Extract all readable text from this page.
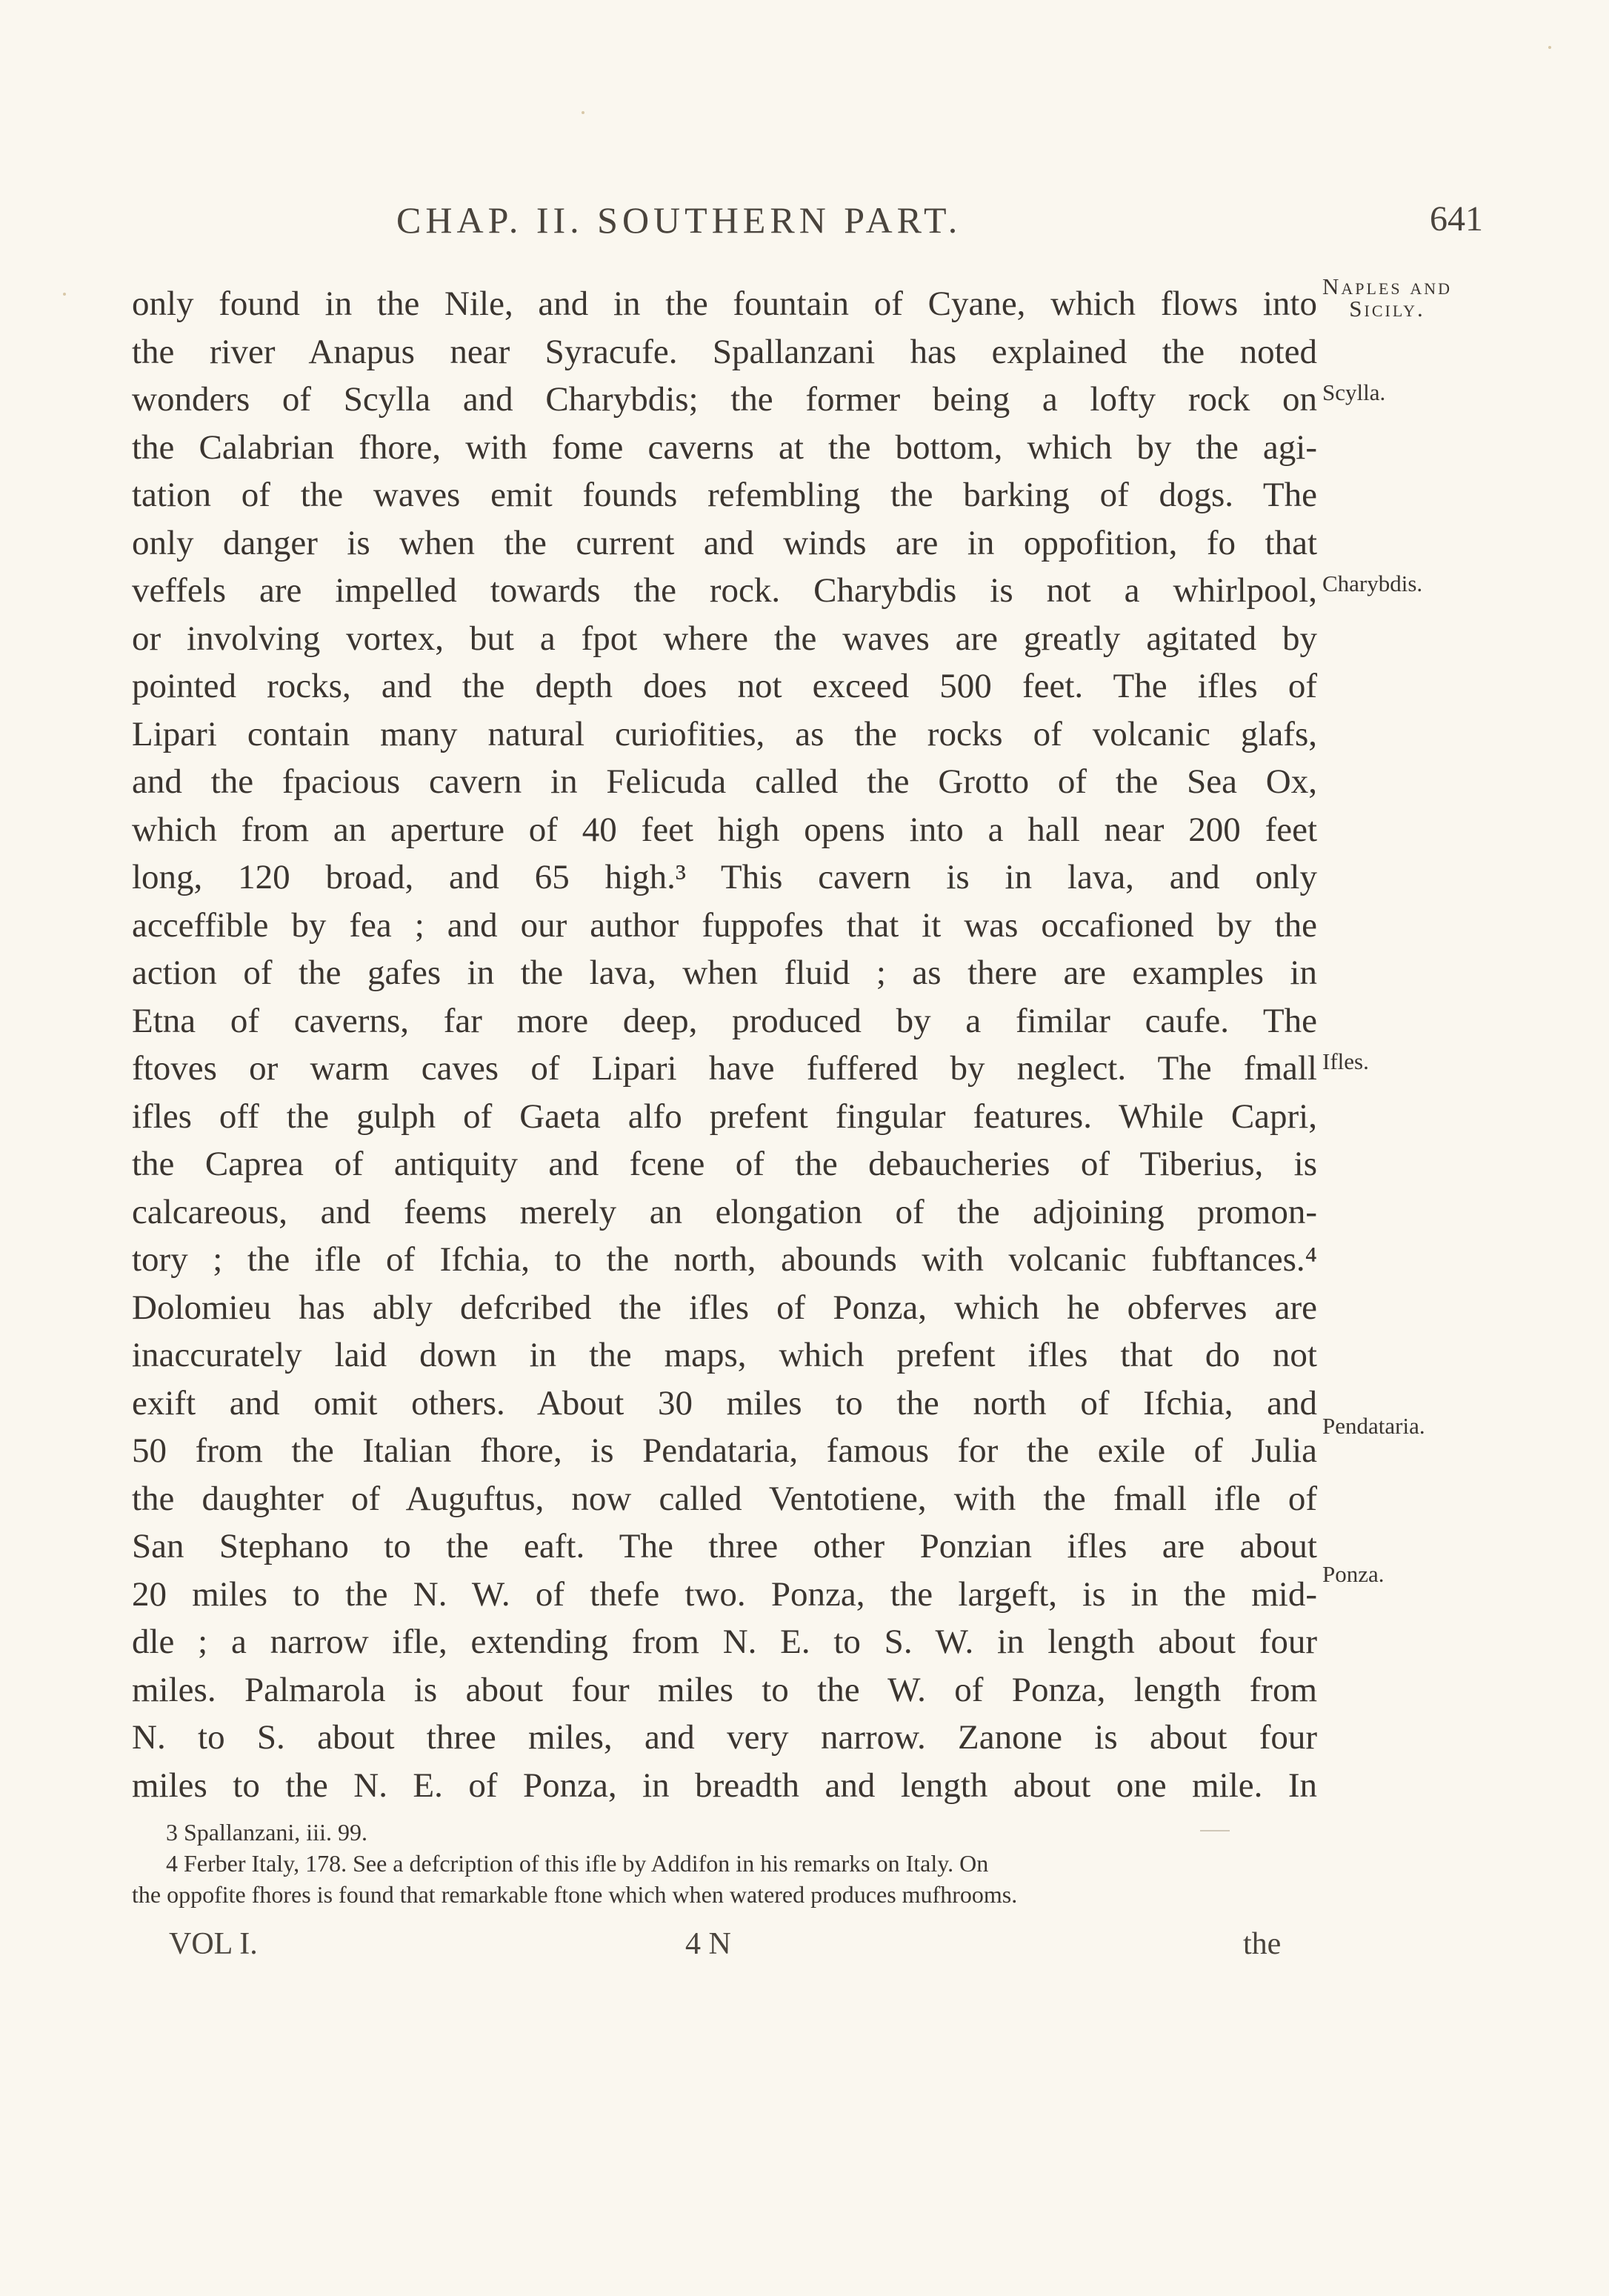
CHAP. II. SOUTHERN PART.	641
only found in the Nile, and in the fountain of Cyane, which flows into
the river Anapus near Syracufe. Spallanzani has explained the noted
wonders of Scylla and Charybdis; the former being a lofty rock on
the Calabrian fhore, with fome caverns at the bottom, which by the agi-
tation of the waves emit founds refembling the barking of dogs. The
only danger is when the current and winds are in oppofition, fo that
veffels are impelled towards the rock. Charybdis is not a whirlpool,
or involving vortex, but a fpot where the waves are greatly agitated by
pointed rocks, and the depth does not exceed 500 feet. The ifles of
Lipari contain many natural curiofities, as the rocks of volcanic glafs,
and the fpacious cavern in Felicuda called the Grotto of the Sea Ox,
which from an aperture of 40 feet high opens into a hall near 200 feet
long, 120 broad, and 65 high.³ This cavern is in lava, and only
acceffible by fea ; and our author fuppofes that it was occafioned by the
action of the gafes in the lava, when fluid ; as there are examples in
Etna of caverns, far more deep, produced by a fimilar caufe. The
ftoves or warm caves of Lipari have fuffered by neglect. The fmall
ifles off the gulph of Gaeta alfo prefent fingular features. While Capri,
the Caprea of antiquity and fcene of the debaucheries of Tiberius, is
calcareous, and feems merely an elongation of the adjoining promon-
tory ; the ifle of Ifchia, to the north, abounds with volcanic fubftances.⁴
Dolomieu has ably defcribed the ifles of Ponza, which he obferves are
inaccurately laid down in the maps, which prefent ifles that do not
exift and omit others. About 30 miles to the north of Ifchia, and
50 from the Italian fhore, is Pendataria, famous for the exile of Julia
the daughter of Auguftus, now called Ventotiene, with the fmall ifle of
San Stephano to the eaft. The three other Ponzian ifles are about
20 miles to the N. W. of thefe two. Ponza, the largeft, is in the mid-
dle ; a narrow ifle, extending from N. E. to S. W. in length about four
miles. Palmarola is about four miles to the W. of Ponza, length from
N. to S. about three miles, and very narrow. Zanone is about four
miles to the N. E. of Ponza, in breadth and length about one mile. In
Naples and
Sicily.
Scylla.
Charybdis.
Ifles.
Pendataria.
Ponza.
3 Spallanzani, iii. 99.
4 Ferber Italy, 178. See a defcription of this ifle by Addifon in his remarks on Italy. On
the oppofite fhores is found that remarkable ftone which when watered produces mufhrooms.
VOL I.	4 N	the
